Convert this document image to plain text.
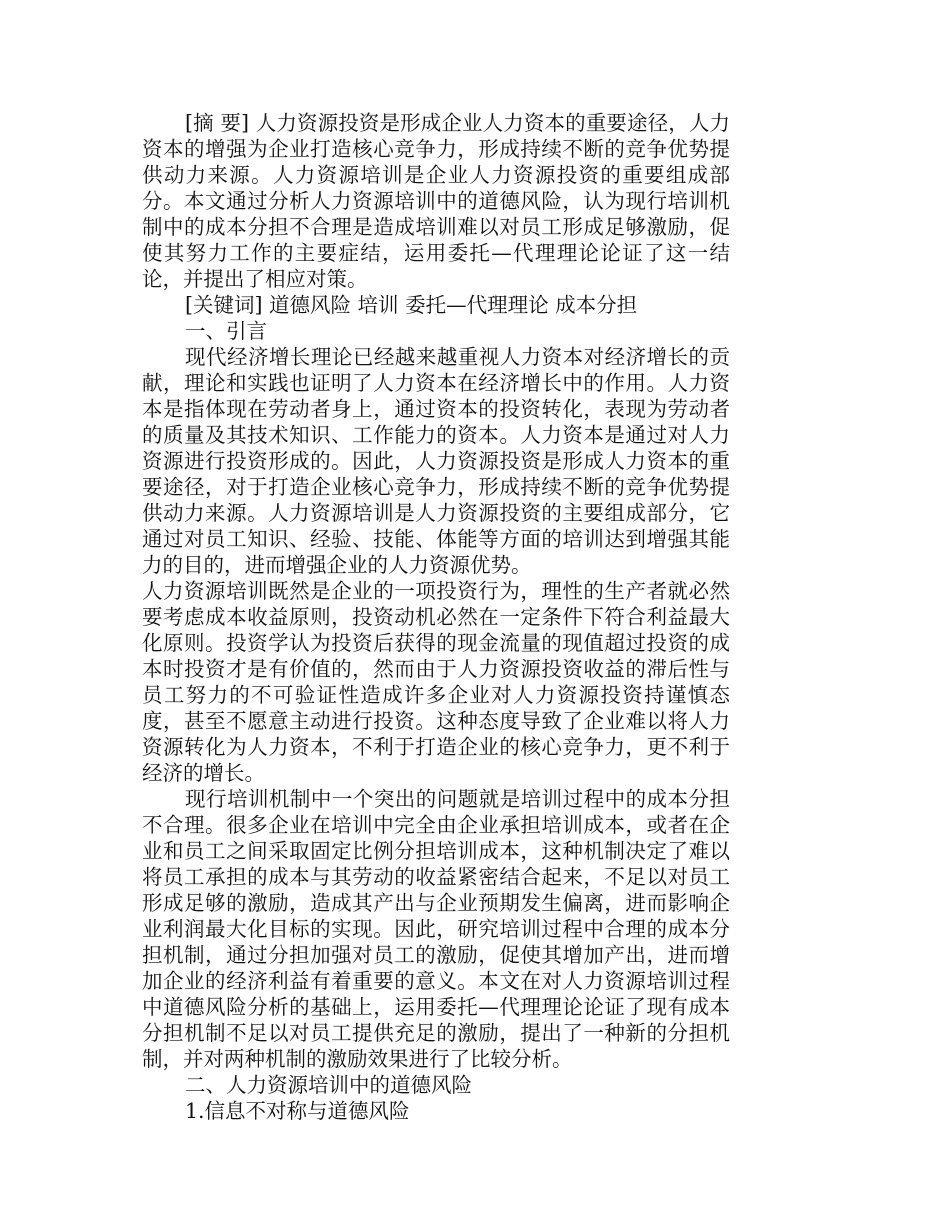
[摘 要] 人力资源投资是形成企业人力资本的重要途径，人力资本的增强为企业打造核心竞争力，形成持续不断的竞争优势提供动力来源。人力资源培训是企业人力资源投资的重要组成部分。本文通过分析人力资源培训中的道德风险，认为现行培训机制中的成本分担不合理是造成培训难以对员工形成足够激励，促使其努力工作的主要症结，运用委托—代理理论论证了这一结论，并提出了相应对策。

[关键词] 道德风险 培训 委托—代理理论 成本分担

一、引言

现代经济增长理论已经越来越重视人力资本对经济增长的贡献，理论和实践也证明了人力资本在经济增长中的作用。人力资本是指体现在劳动者身上，通过资本的投资转化，表现为劳动者的质量及其技术知识、工作能力的资本。人力资本是通过对人力资源进行投资形成的。因此，人力资源投资是形成人力资本的重要途径，对于打造企业核心竞争力，形成持续不断的竞争优势提供动力来源。人力资源培训是人力资源投资的主要组成部分，它通过对员工知识、经验、技能、体能等方面的培训达到增强其能力的目的，进而增强企业的人力资源优势。

人力资源培训既然是企业的一项投资行为，理性的生产者就必然要考虑成本收益原则，投资动机必然在一定条件下符合利益最大化原则。投资学认为投资后获得的现金流量的现值超过投资的成本时投资才是有价值的，然而由于人力资源投资收益的滞后性与员工努力的不可验证性造成许多企业对人力资源投资持谨慎态度，甚至不愿意主动进行投资。这种态度导致了企业难以将人力资源转化为人力资本，不利于打造企业的核心竞争力，更不利于经济的增长。

现行培训机制中一个突出的问题就是培训过程中的成本分担不合理。很多企业在培训中完全由企业承担培训成本，或者在企业和员工之间采取固定比例分担培训成本，这种机制决定了难以将员工承担的成本与其劳动的收益紧密结合起来，不足以对员工形成足够的激励，造成其产出与企业预期发生偏离，进而影响企业利润最大化目标的实现。因此，研究培训过程中合理的成本分担机制，通过分担加强对员工的激励，促使其增加产出，进而增加企业的经济利益有着重要的意义。本文在对人力资源培训过程中道德风险分析的基础上，运用委托—代理理论论证了现有成本分担机制不足以对员工提供充足的激励，提出了一种新的分担机制，并对两种机制的激励效果进行了比较分析。

二、人力资源培训中的道德风险

1.信息不对称与道德风险
